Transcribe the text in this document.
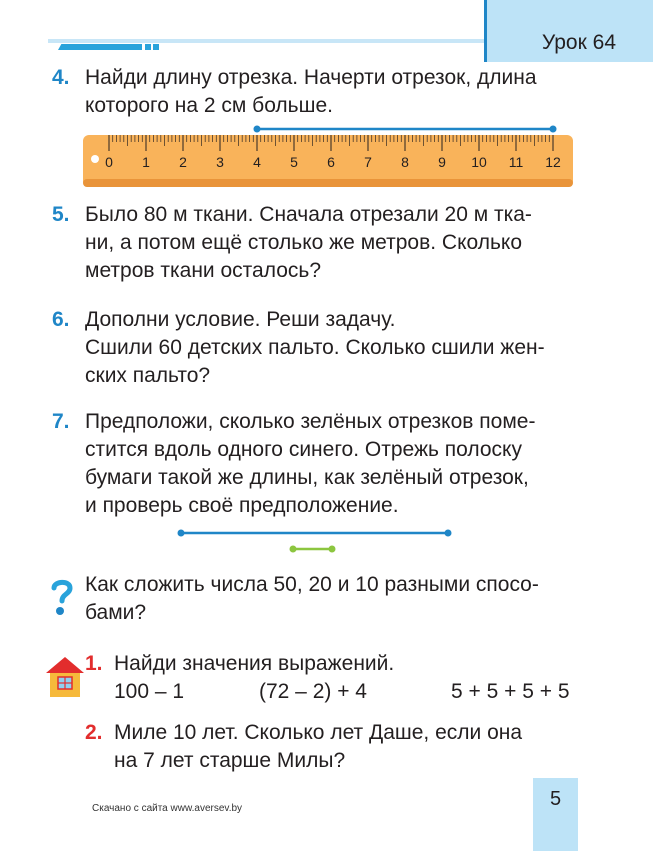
Урок 64
4. Найди длину отрезка. Начерти отрезок, длина
которого на 2 см больше.
0 1 2 3 4 5 6 7 8 9 10 11 12
5. Было 80 м ткани. Сначала отрезали 20 м тка-
ни, а потом ещё столько же метров. Сколько
метров ткани осталось?
6. Дополни условие. Реши задачу.
Сшили 60 детских пальто. Сколько сшили жен-
ских пальто?
7. Предположи, сколько зелёных отрезков поме-
стится вдоль одного синего. Отрежь полоску
бумаги такой же длины, как зелёный отрезок,
и проверь своё предположение.
Как сложить числа 50, 20 и 10 разными спосо-
бами?
1. Найди значения выражений.
100 – 1	(72 – 2) + 4	5 + 5 + 5 + 5
2. Миле 10 лет. Сколько лет Даше, если она
на 7 лет старше Милы?
Скачано с сайта www.aversev.by	5
